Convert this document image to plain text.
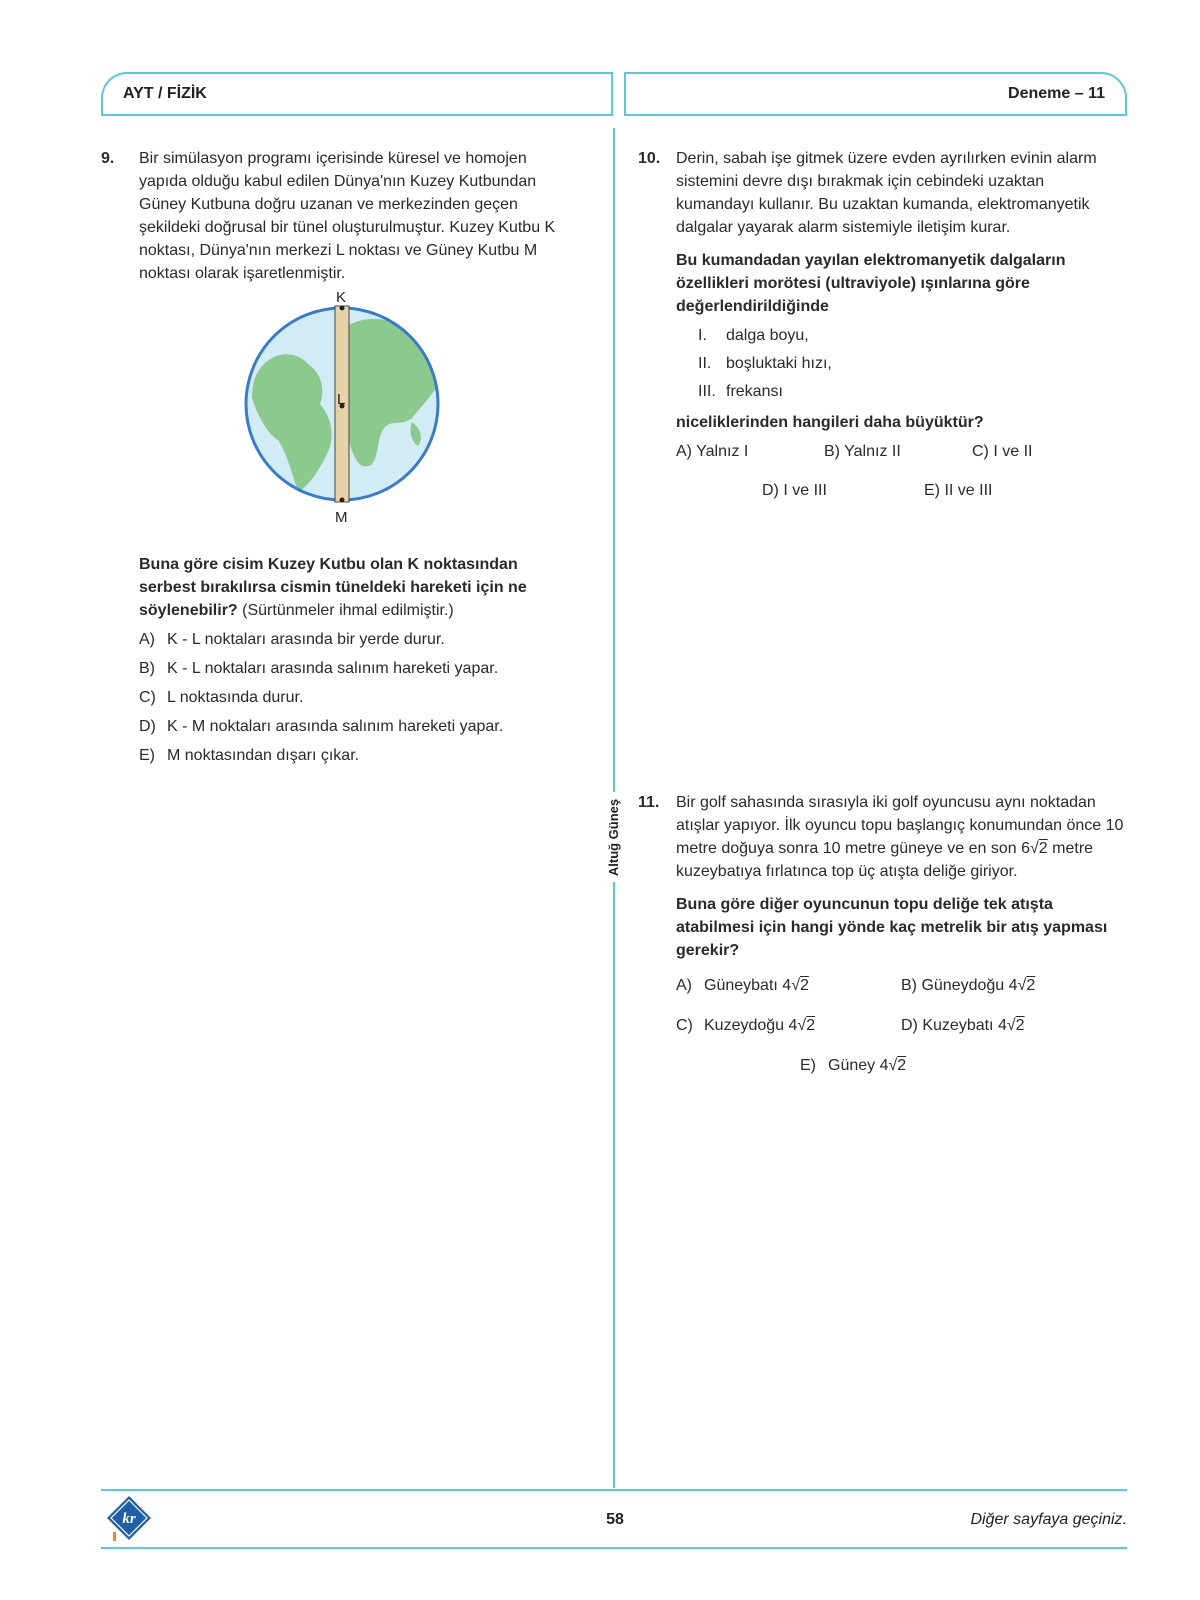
AYT / FİZİK	Deneme – 11
Altuğ Güneş
9. Bir simülasyon programı içerisinde küresel ve homojen yapıda olduğu kabul edilen Dünya'nın Kuzey Kutbundan Güney Kutbuna doğru uzanan ve merkezinden geçen şekildeki doğrusal bir tünel oluşturulmuştur. Kuzey Kutbu K noktası, Dünya'nın merkezi L noktası ve Güney Kutbu M noktası olarak işaretlenmiştir.

K
L
M

Buna göre cisim Kuzey Kutbu olan K noktasından serbest bırakılırsa cismin tüneldeki hareketi için ne söylenebilir? (Sürtünmeler ihmal edilmiştir.)

A) K - L noktaları arasında bir yerde durur.
B) K - L noktaları arasında salınım hareketi yapar.
C) L noktasında durur.
D) K - M noktaları arasında salınım hareketi yapar.
E) M noktasından dışarı çıkar.
10. Derin, sabah işe gitmek üzere evden ayrılırken evinin alarm sistemini devre dışı bırakmak için cebindeki uzaktan kumandayı kullanır. Bu uzaktan kumanda, elektromanyetik dalgalar yayarak alarm sistemiyle iletişim kurar.

Bu kumandadan yayılan elektromanyetik dalgaların özellikleri morötesi (ultraviyole) ışınlarına göre değerlendirildiğinde

I. dalga boyu,
II. boşluktaki hızı,
III. frekansı

niceliklerinden hangileri daha büyüktür?

A) Yalnız I	B) Yalnız II	C) I ve II
D) I ve III	E) II ve III
11. Bir golf sahasında sırasıyla iki golf oyuncusu aynı noktadan atışlar yapıyor. İlk oyuncu topu başlangıç konumundan önce 10 metre doğuya sonra 10 metre güneye ve en son 6√2 metre kuzeybatıya fırlatınca top üç atışta deliğe giriyor.

Buna göre diğer oyuncunun topu deliğe tek atışta atabilmesi için hangi yönde kaç metrelik bir atış yapması gerekir?

A) Güneybatı 4√2	B) Güneydoğu 4√2
C) Kuzeydoğu 4√2	D) Kuzeybatı 4√2
E) Güney 4√2
kr	58	Diğer sayfaya geçiniz.
